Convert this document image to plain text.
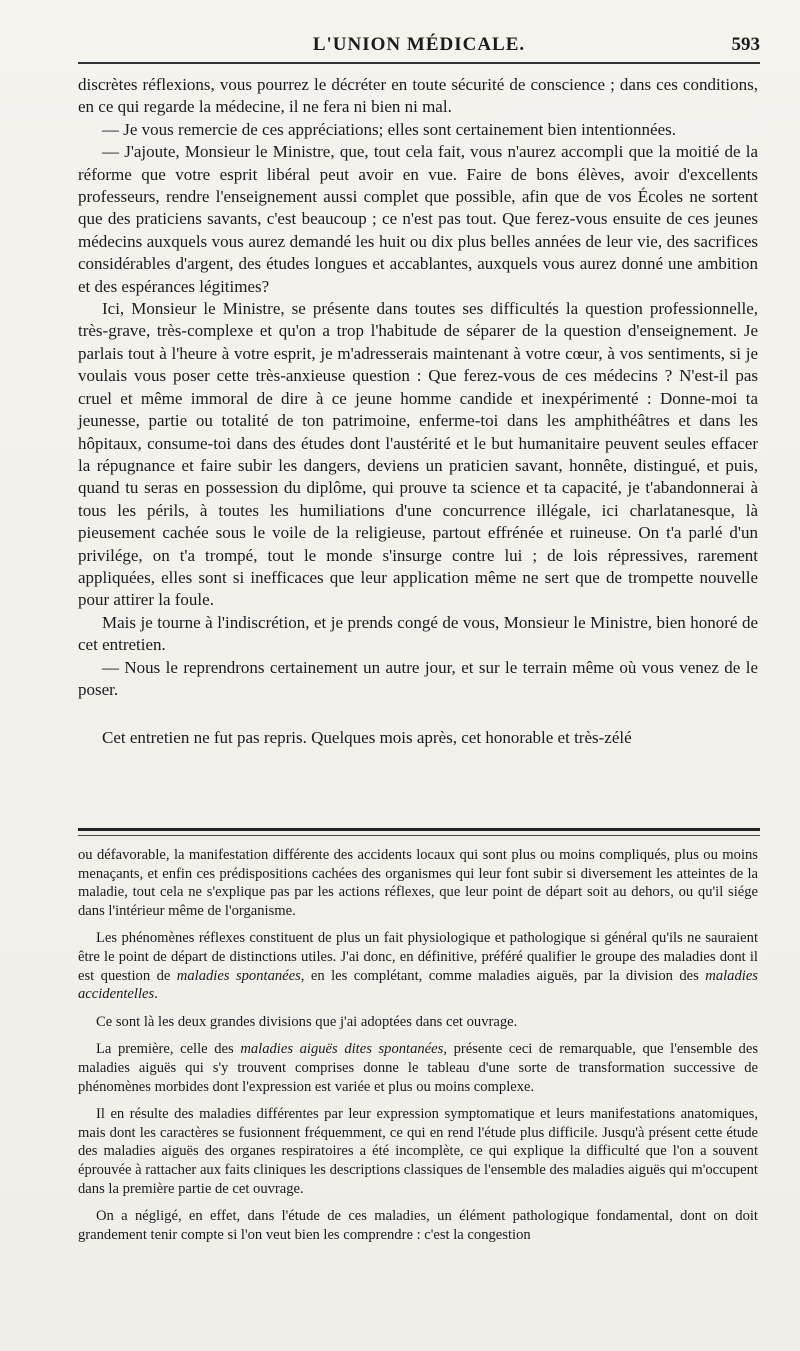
L'UNION MÉDICALE.	593

discrètes réflexions, vous pourrez le décréter en toute sécurité de conscience ; dans ces conditions, en ce qui regarde la médecine, il ne fera ni bien ni mal.

— Je vous remercie de ces appréciations; elles sont certainement bien intentionnées.

— J'ajoute, Monsieur le Ministre, que, tout cela fait, vous n'aurez accompli que la moitié de la réforme que votre esprit libéral peut avoir en vue. Faire de bons élèves, avoir d'excellents professeurs, rendre l'enseignement aussi complet que possible, afin que de vos Écoles ne sortent que des praticiens savants, c'est beaucoup ; ce n'est pas tout. Que ferez-vous ensuite de ces jeunes médecins auxquels vous aurez demandé les huit ou dix plus belles années de leur vie, des sacrifices considérables d'argent, des études longues et accablantes, auxquels vous aurez donné une ambition et des espérances légitimes?

Ici, Monsieur le Ministre, se présente dans toutes ses difficultés la question professionnelle, très-grave, très-complexe et qu'on a trop l'habitude de séparer de la question d'enseignement. Je parlais tout à l'heure à votre esprit, je m'adresserais maintenant à votre cœur, à vos sentiments, si je voulais vous poser cette très-anxieuse question : Que ferez-vous de ces médecins ? N'est-il pas cruel et même immoral de dire à ce jeune homme candide et inexpérimenté : Donne-moi ta jeunesse, partie ou totalité de ton patrimoine, enferme-toi dans les amphithéâtres et dans les hôpitaux, consume-toi dans des études dont l'austérité et le but humanitaire peuvent seules effacer la répugnance et faire subir les dangers, deviens un praticien savant, honnête, distingué, et puis, quand tu seras en possession du diplôme, qui prouve ta science et ta capacité, je t'abandonnerai à tous les périls, à toutes les humiliations d'une concurrence illégale, ici charlatanesque, là pieusement cachée sous le voile de la religieuse, partout effrénée et ruineuse. On t'a parlé d'un privilége, on t'a trompé, tout le monde s'insurge contre lui ; de lois répressives, rarement appliquées, elles sont si inefficaces que leur application même ne sert que de trompette nouvelle pour attirer la foule.

Mais je tourne à l'indiscrétion, et je prends congé de vous, Monsieur le Ministre, bien honoré de cet entretien.

— Nous le reprendrons certainement un autre jour, et sur le terrain même où vous venez de le poser.

Cet entretien ne fut pas repris. Quelques mois après, cet honorable et très-zélé

ou défavorable, la manifestation différente des accidents locaux qui sont plus ou moins compliqués, plus ou moins menaçants, et enfin ces prédispositions cachées des organismes qui leur font subir si diversement les atteintes de la maladie, tout cela ne s'explique pas par les actions réflexes, que leur point de départ soit au dehors, ou qu'il siége dans l'intérieur même de l'organisme.

Les phénomènes réflexes constituent de plus un fait physiologique et pathologique si général qu'ils ne sauraient être le point de départ de distinctions utiles. J'ai donc, en définitive, préféré qualifier le groupe des maladies dont il est question de maladies spontanées, en les complétant, comme maladies aiguës, par la division des maladies accidentelles.

Ce sont là les deux grandes divisions que j'ai adoptées dans cet ouvrage.

La première, celle des maladies aiguës dites spontanées, présente ceci de remarquable, que l'ensemble des maladies aiguës qui s'y trouvent comprises donne le tableau d'une sorte de transformation successive de phénomènes morbides dont l'expression est variée et plus ou moins complexe.

Il en résulte des maladies différentes par leur expression symptomatique et leurs manifestations anatomiques, mais dont les caractères se fusionnent fréquemment, ce qui en rend l'étude plus difficile. Jusqu'à présent cette étude des maladies aiguës des organes respiratoires a été incomplète, ce qui explique la difficulté que l'on a souvent éprouvée à rattacher aux faits cliniques les descriptions classiques de l'ensemble des maladies aiguës qui m'occupent dans la première partie de cet ouvrage.

On a négligé, en effet, dans l'étude de ces maladies, un élément pathologique fondamental, dont on doit grandement tenir compte si l'on veut bien les comprendre : c'est la congestion
